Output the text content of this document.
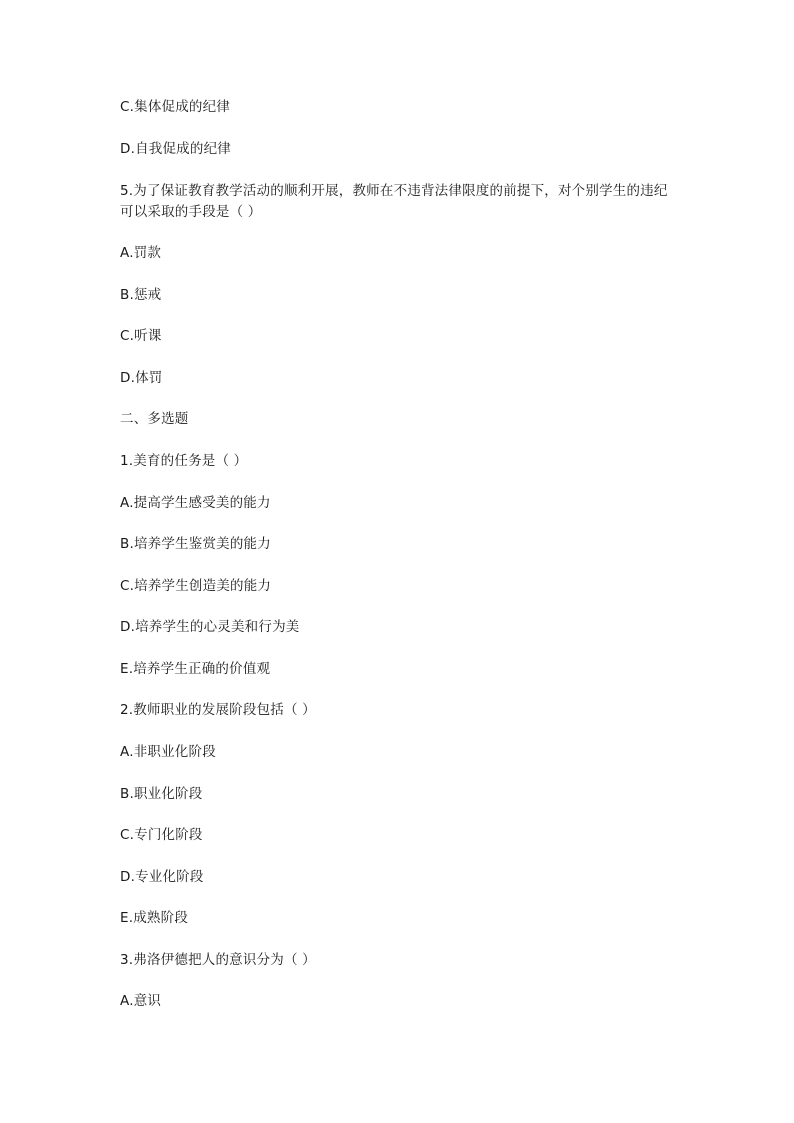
C.集体促成的纪律
D.自我促成的纪律
5.为了保证教育教学活动的顺利开展，教师在不违背法律限度的前提下，对个别学生的违纪可以采取的手段是（ ）
A.罚款
B.惩戒
C.听课
D.体罚
二、多选题
1.美育的任务是（ ）
A.提高学生感受美的能力
B.培养学生鉴赏美的能力
C.培养学生创造美的能力
D.培养学生的心灵美和行为美
E.培养学生正确的价值观
2.教师职业的发展阶段包括（ ）
A.非职业化阶段
B.职业化阶段
C.专门化阶段
D.专业化阶段
E.成熟阶段
3.弗洛伊德把人的意识分为（ ）
A.意识
